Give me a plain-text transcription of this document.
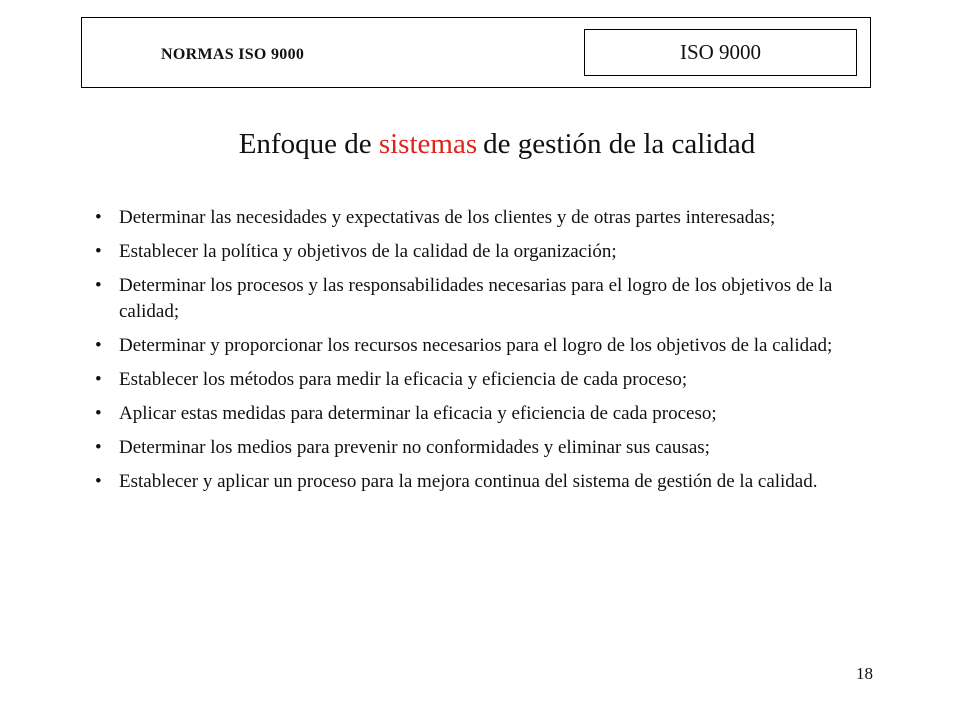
NORMAS ISO 9000	ISO 9000
Enfoque de sistemas de gestión de la calidad
• Determinar las necesidades y expectativas de los clientes y de otras partes interesadas;
• Establecer la política y objetivos de la calidad de la organización;
• Determinar los procesos y las responsabilidades necesarias para el logro de los objetivos de la calidad;
• Determinar y proporcionar los recursos necesarios para el logro de los objetivos de la calidad;
• Establecer los métodos para medir la eficacia y eficiencia de cada proceso;
• Aplicar estas medidas para determinar la eficacia y eficiencia de cada proceso;
• Determinar los medios para prevenir no conformidades y eliminar sus causas;
• Establecer y aplicar un proceso para la mejora continua del sistema de gestión de la calidad.
18
